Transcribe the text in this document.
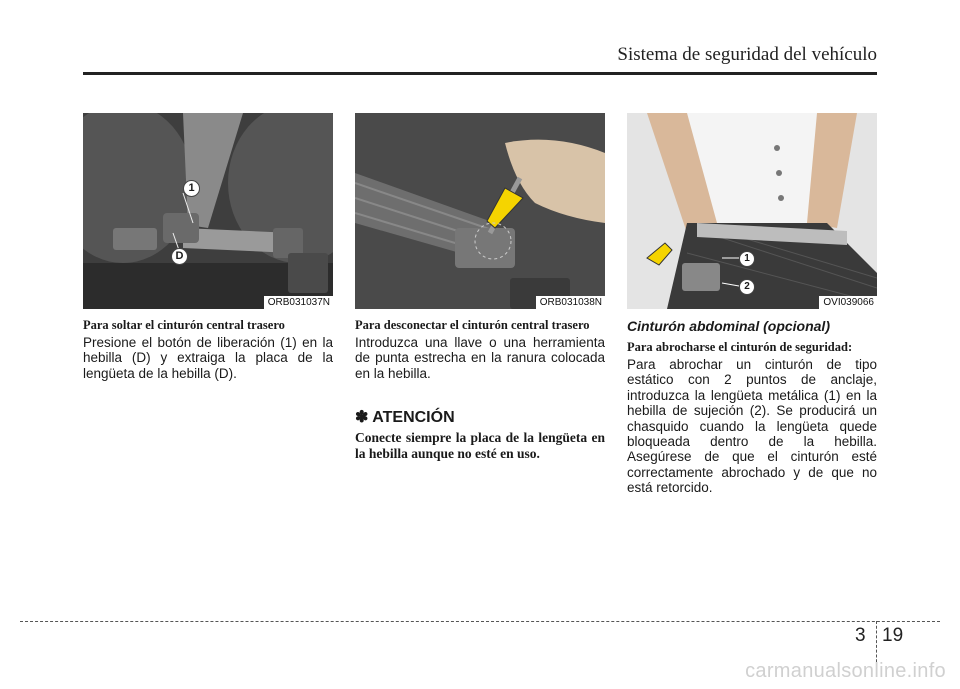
Sistema de seguridad del vehículo
1
D
ORB031037N	ORB031038N
1
2
OVI039066

Para soltar el cinturón central trasero

Presione el botón de liberación (1) en la hebilla (D) y extraiga la placa de la lengüeta de la hebilla (D).

Para desconectar el cinturón central trasero

Introduzca una llave o una herramienta de punta estrecha en la ranura colocada en la hebilla.

✽ ATENCIÓN

Conecte siempre la placa de la lengüeta en la hebilla aunque no esté en uso.

Cinturón abdominal (opcional)

Para abrocharse el cinturón de seguridad:

Para abrochar un cinturón de tipo estático con 2 puntos de anclaje, introduzca la lengüeta metálica (1) en la hebilla de sujeción (2). Se producirá un chasquido cuando la lengüeta quede bloqueada dentro de la hebilla. Asegúrese de que el cinturón esté correctamente abrochado y de que no está retorcido.

3 19
carmanualsonline.info
